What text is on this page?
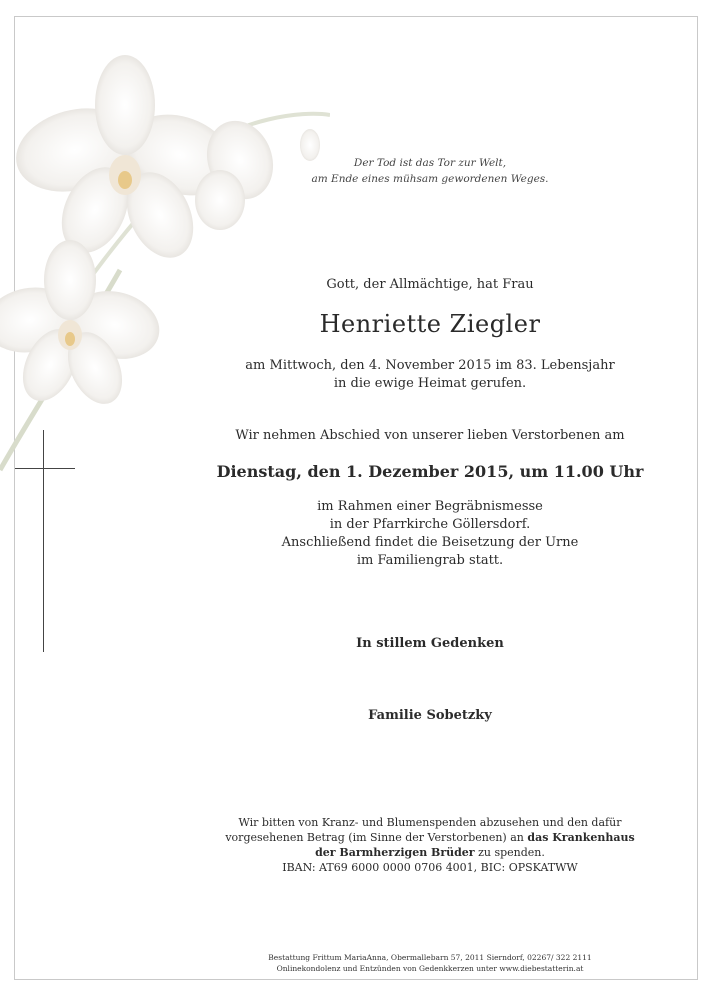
Der Tod ist das Tor zur Welt,
am Ende eines mühsam gewordenen Weges.
Gott, der Allmächtige, hat Frau
Henriette Ziegler
am Mittwoch, den 4. November 2015 im 83. Lebensjahr
in die ewige Heimat gerufen.
Wir nehmen Abschied von unserer lieben Verstorbenen am
Dienstag, den 1. Dezember 2015, um 11.00 Uhr
im Rahmen einer Begräbnismesse
in der Pfarrkirche Göllersdorf.
Anschließend findet die Beisetzung der Urne
im Familiengrab statt.
In stillem Gedenken
Familie Sobetzky
Wir bitten von Kranz- und Blumenspenden abzusehen und den dafür
vorgesehenen Betrag (im Sinne der Verstorbenen) an das Krankenhaus
der Barmherzigen Brüder zu spenden.
IBAN: AT69 6000 0000 0706 4001, BIC: OPSKATWW
Bestattung Frittum MariaAnna, Obermallebarn 57, 2011 Sierndorf, 02267/ 322 2111
Onlinekondolenz und Entzünden von Gedenkkerzen unter www.diebestatterin.at
